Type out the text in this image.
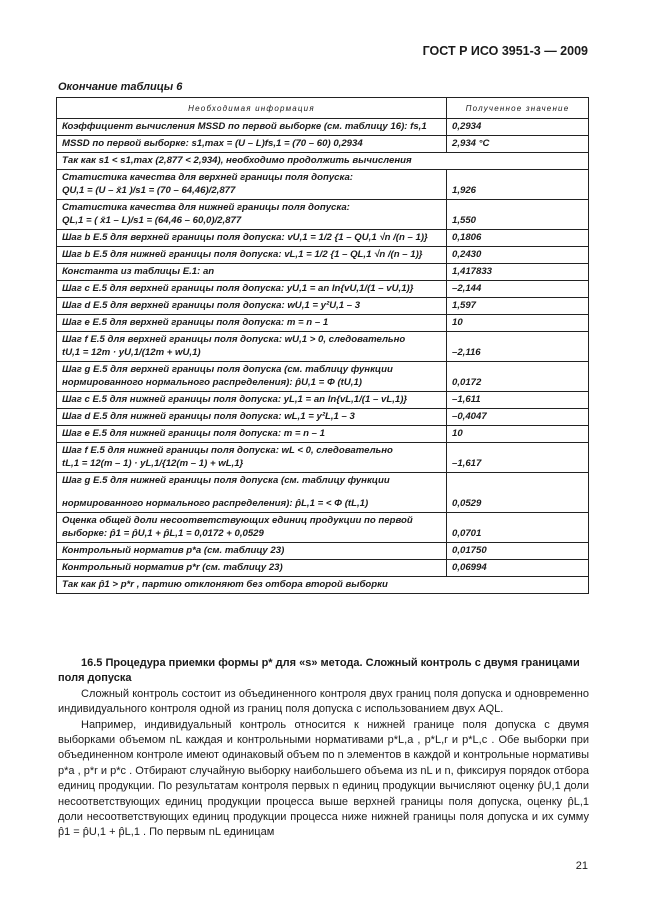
ГОСТ Р ИСО 3951-3 — 2009
Окончание таблицы 6
Необходимая информация	Полученное значение

Коэффициент вычисления MSSD по первой выборке (см. таблицу 16): fs,1	0,2934

MSSD по первой выборке: s1,max = (U – L)fs,1 = (70 – 60) 0,2934	2,934 °С

Так как s1 < s1,max (2,877 < 2,934), необходимо продолжить вычисления	

Статистика качества для верхней границы поля допуска:
QU,1 = (U – x̄1 )/s1 = (70 – 64,46)/2,877	1,926

Статистика качества для нижней границы поля допуска:
QL,1 = ( x̄1 – L)/s1 = (64,46 – 60,0)/2,877	1,550

Шаг b Е.5 для верхней границы поля допуска: vU,1 = 1/2 {1 – QU,1 √n /(n – 1)}	0,1806

Шаг b Е.5 для нижней границы поля допуска: vL,1 = 1/2 {1 – QL,1 √n /(n – 1)}	0,2430

Константа из таблицы Е.1: an	1,417833

Шаг с Е.5 для верхней границы поля допуска: yU,1 = an ln{vU,1/(1 – vU,1)}	–2,144

Шаг d Е.5 для верхней границы поля допуска: wU,1 = y²U,1 – 3	1,597

Шаг е Е.5 для верхней границы поля допуска: m = n – 1	10

Шаг f Е.5 для верхней границы поля допуска: wU,1 > 0, следовательно
tU,1 = 12m · yU,1/(12m + wU,1)	–2,116

Шаг g Е.5 для верхней границы поля допуска (см. таблицу функции
нормированного нормального распределения): p̂U,1 = Φ (tU,1)	0,0172

Шаг с Е.5 для нижней границы поля допуска: yL,1 = an ln{vL,1/(1 – vL,1)}	–1,611

Шаг d Е.5 для нижней границы поля допуска: wL,1 = y²L,1 – 3	–0,4047

Шаг е Е.5 для нижней границы поля допуска: m = n – 1	10

Шаг f Е.5 для нижней границы поля допуска: wL < 0, следовательно
tL,1 = 12(m – 1) · yL,1/{12(m – 1) + wL,1}	–1,617

Шаг g Е.5 для нижней границы поля допуска (см. таблицу функции
нормированного нормального распределения): p̂L,1 = < Φ (tL,1)	0,0529

Оценка общей доли несоответствующих единиц продукции по первой
выборке: p̂1 = p̂U,1 + p̂L,1 = 0,0172 + 0,0529	0,0701

Контрольный норматив p*a (см. таблицу 23)	0,01750

Контрольный норматив p*r (см. таблицу 23)	0,06994

Так как p̂1 > p*r , партию отклоняют без отбора второй выборки	
16.5 Процедура приемки формы p* для «s» метода. Сложный контроль с двумя границами поля допуска

Сложный контроль состоит из объединенного контроля двух границ поля допуска и одновременно индивидуального контроля одной из границ поля допуска с использованием двух AQL.

Например, индивидуальный контроль относится к нижней границе поля допуска с двумя выборками объемом nL каждая и контрольными нормативами p*L,a , p*L,r и p*L,c . Обе выборки при объединенном контроле имеют одинаковый объем по n элементов в каждой и контрольные нормативы p*a , p*r и p*c . Отбирают случайную выборку наибольшего объема из nL и n, фиксируя порядок отбора единиц продукции. По результатам контроля первых n единиц продукции вычисляют оценку p̂U,1 доли несоответствующих единиц продукции процесса выше верхней границы поля допуска, оценку p̂L,1 доли несоответствующих единиц продукции процесса ниже нижней границы поля допуска и их сумму p̂1 = p̂U,1 + p̂L,1 . По первым nL единицам

21
